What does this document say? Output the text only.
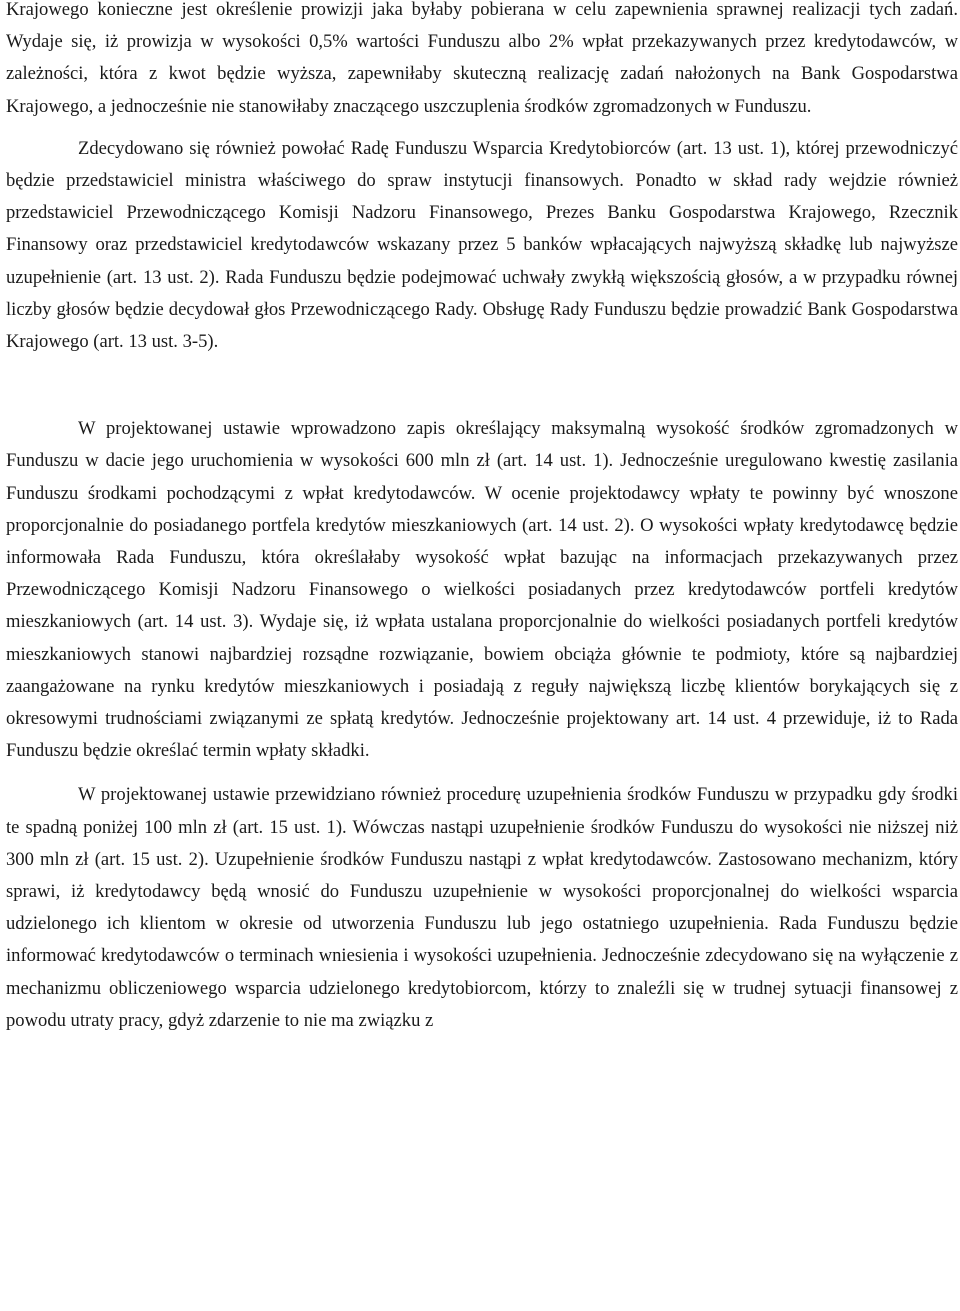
Krajowego konieczne jest określenie prowizji jaka byłaby pobierana w celu zapewnienia sprawnej realizacji tych zadań. Wydaje się, iż prowizja w wysokości 0,5% wartości Funduszu albo 2% wpłat przekazywanych przez kredytodawców, w zależności, która z kwot będzie wyższa, zapewniłaby skuteczną realizację zadań nałożonych na Bank Gospodarstwa Krajowego, a jednocześnie nie stanowiłaby znaczącego uszczuplenia środków zgromadzonych w Funduszu.

Zdecydowano się również powołać Radę Funduszu Wsparcia Kredytobiorców (art. 13 ust. 1), której przewodniczyć będzie przedstawiciel ministra właściwego do spraw instytucji finansowych. Ponadto w skład rady wejdzie również przedstawiciel Przewodniczącego Komisji Nadzoru Finansowego, Prezes Banku Gospodarstwa Krajowego, Rzecznik Finansowy oraz przedstawiciel kredytodawców wskazany przez 5 banków wpłacających najwyższą składkę lub najwyższe uzupełnienie (art. 13 ust. 2). Rada Funduszu będzie podejmować uchwały zwykłą większością głosów, a w przypadku równej liczby głosów będzie decydował głos Przewodniczącego Rady. Obsługę Rady Funduszu będzie prowadzić Bank Gospodarstwa Krajowego (art. 13 ust. 3-5).

W projektowanej ustawie wprowadzono zapis określający maksymalną wysokość środków zgromadzonych w Funduszu w dacie jego uruchomienia w wysokości 600 mln zł (art. 14 ust. 1). Jednocześnie uregulowano kwestię zasilania Funduszu środkami pochodzącymi z wpłat kredytodawców. W ocenie projektodawcy wpłaty te powinny być wnoszone proporcjonalnie do posiadanego portfela kredytów mieszkaniowych (art. 14 ust. 2). O wysokości wpłaty kredytodawcę będzie informowała Rada Funduszu, która określałaby wysokość wpłat bazując na informacjach przekazywanych przez Przewodniczącego Komisji Nadzoru Finansowego o wielkości posiadanych przez kredytodawców portfeli kredytów mieszkaniowych (art. 14 ust. 3). Wydaje się, iż wpłata ustalana proporcjonalnie do wielkości posiadanych portfeli kredytów mieszkaniowych stanowi najbardziej rozsądne rozwiązanie, bowiem obciąża głównie te podmioty, które są najbardziej zaangażowane na rynku kredytów mieszkaniowych i posiadają z reguły największą liczbę klientów borykających się z okresowymi trudnościami związanymi ze spłatą kredytów. Jednocześnie projektowany art. 14 ust. 4 przewiduje, iż to Rada Funduszu będzie określać termin wpłaty składki.

W projektowanej ustawie przewidziano również procedurę uzupełnienia środków Funduszu w przypadku gdy środki te spadną poniżej 100 mln zł (art. 15 ust. 1). Wówczas nastąpi uzupełnienie środków Funduszu do wysokości nie niższej niż 300 mln zł (art. 15 ust. 2). Uzupełnienie środków Funduszu nastąpi z wpłat kredytodawców. Zastosowano mechanizm, który sprawi, iż kredytodawcy będą wnosić do Funduszu uzupełnienie w wysokości proporcjonalnej do wielkości wsparcia udzielonego ich klientom w okresie od utworzenia Funduszu lub jego ostatniego uzupełnienia. Rada Funduszu będzie informować kredytodawców o terminach wniesienia i wysokości uzupełnienia. Jednocześnie zdecydowano się na wyłączenie z mechanizmu obliczeniowego wsparcia udzielonego kredytobiorcom, którzy to znaleźli się w trudnej sytuacji finansowej z powodu utraty pracy, gdyż zdarzenie to nie ma związku z
